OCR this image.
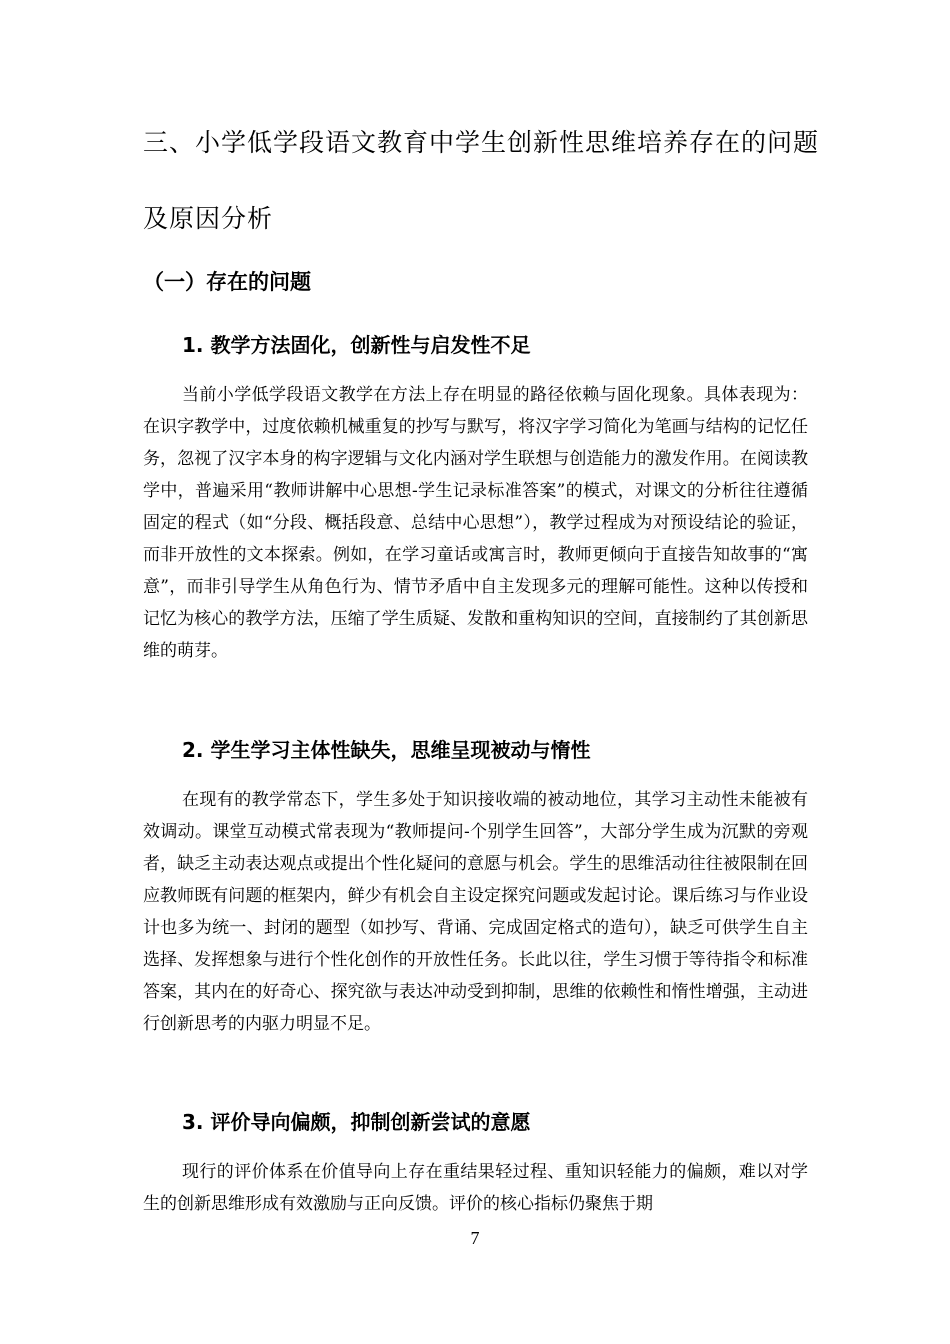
三、小学低学段语文教育中学生创新性思维培养存在的问题及原因分析
（一）存在的问题
1. 教学方法固化，创新性与启发性不足

当前小学低学段语文教学在方法上存在明显的路径依赖与固化现象。具体表现为：在识字教学中，过度依赖机械重复的抄写与默写，将汉字学习简化为笔画与结构的记忆任务，忽视了汉字本身的构字逻辑与文化内涵对学生联想与创造能力的激发作用。在阅读教学中，普遍采用“教师讲解中心思想-学生记录标准答案”的模式，对课文的分析往往遵循固定的程式（如“分段、概括段意、总结中心思想”），教学过程成为对预设结论的验证，而非开放性的文本探索。例如，在学习童话或寓言时，教师更倾向于直接告知故事的“寓意”，而非引导学生从角色行为、情节矛盾中自主发现多元的理解可能性。这种以传授和记忆为核心的教学方法，压缩了学生质疑、发散和重构知识的空间，直接制约了其创新思维的萌芽。

2. 学生学习主体性缺失，思维呈现被动与惰性

在现有的教学常态下，学生多处于知识接收端的被动地位，其学习主动性未能被有效调动。课堂互动模式常表现为“教师提问-个别学生回答”，大部分学生成为沉默的旁观者，缺乏主动表达观点或提出个性化疑问的意愿与机会。学生的思维活动往往被限制在回应教师既有问题的框架内，鲜少有机会自主设定探究问题或发起讨论。课后练习与作业设计也多为统一、封闭的题型（如抄写、背诵、完成固定格式的造句），缺乏可供学生自主选择、发挥想象与进行个性化创作的开放性任务。长此以往，学生习惯于等待指令和标准答案，其内在的好奇心、探究欲与表达冲动受到抑制，思维的依赖性和惰性增强，主动进行创新思考的内驱力明显不足。

3. 评价导向偏颇，抑制创新尝试的意愿

现行的评价体系在价值导向上存在重结果轻过程、重知识轻能力的偏颇，难以对学生的创新思维形成有效激励与正向反馈。评价的核心指标仍聚焦于期

7
